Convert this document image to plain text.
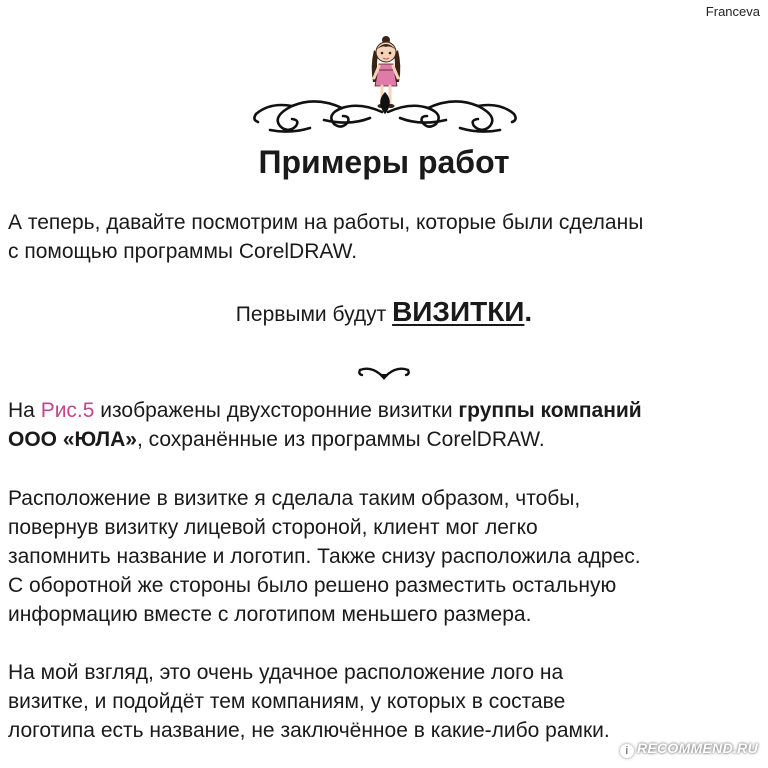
Franceva
Примеры работ
А теперь, давайте посмотрим на работы, которые были сделаны
с помощью программы CorelDRAW.
Первыми будут ВИЗИТКИ.
На Рис.5 изображены двухсторонние визитки группы компаний
ООО «ЮЛА», сохранённые из программы CorelDRAW.
Расположение в визитке я сделала таким образом, чтобы,
повернув визитку лицевой стороной, клиент мог легко
запомнить название и логотип. Также снизу расположила адрес.
С оборотной же стороны было решено разместить остальную
информацию вместе с логотипом меньшего размера.
На мой взгляд, это очень удачное расположение лого на
визитке, и подойдёт тем компаниям, у которых в составе
логотипа есть название, не заключённое в какие-либо рамки.
i RECOMMEND.RU
